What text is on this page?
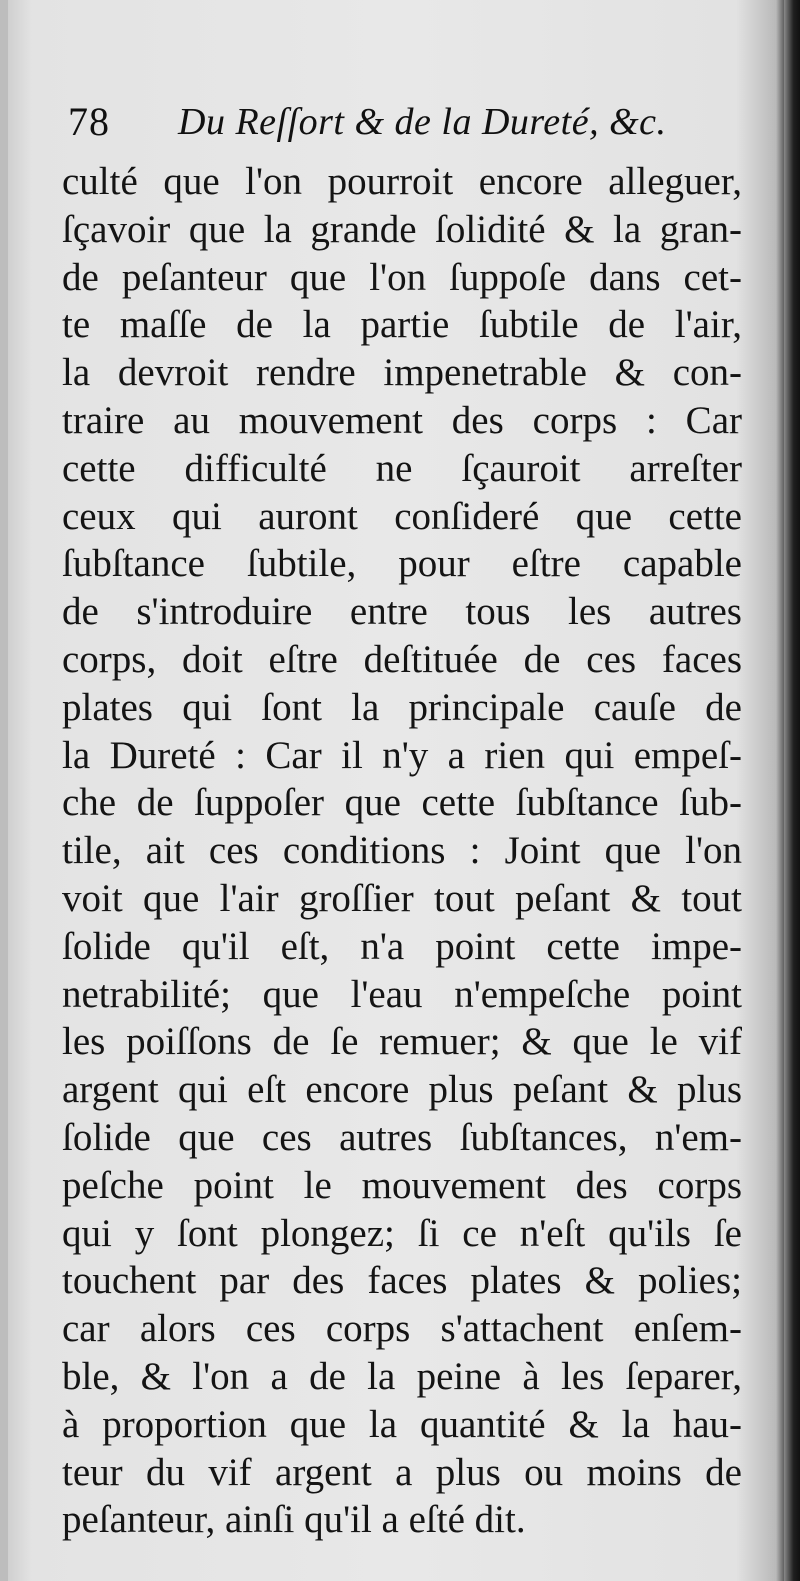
78 Du Reſſort & de la Dureté, &c.
culté que l'on pourroit encore alleguer,
ſçavoir que la grande ſolidité & la gran-
de peſanteur que l'on ſuppoſe dans cet-
te maſſe de la partie ſubtile de l'air,
la devroit rendre impenetrable & con-
traire au mouvement des corps : Car
cette difficulté ne ſçauroit arreſter
ceux qui auront conſideré que cette
ſubſtance ſubtile, pour eſtre capable
de s'introduire entre tous les autres
corps, doit eſtre deſtituée de ces faces
plates qui ſont la principale cauſe de
la Dureté : Car il n'y a rien qui empeſ-
che de ſuppoſer que cette ſubſtance ſub-
tile, ait ces conditions : Joint que l'on
voit que l'air groſſier tout peſant & tout
ſolide qu'il eſt, n'a point cette impe-
netrabilité; que l'eau n'empeſche point
les poiſſons de ſe remuer; & que le vif
argent qui eſt encore plus peſant & plus
ſolide que ces autres ſubſtances, n'em-
peſche point le mouvement des corps
qui y ſont plongez; ſi ce n'eſt qu'ils ſe
touchent par des faces plates & polies;
car alors ces corps s'attachent enſem-
ble, & l'on a de la peine à les ſeparer,
à proportion que la quantité & la hau-
teur du vif argent a plus ou moins de
peſanteur, ainſi qu'il a eſté dit.
